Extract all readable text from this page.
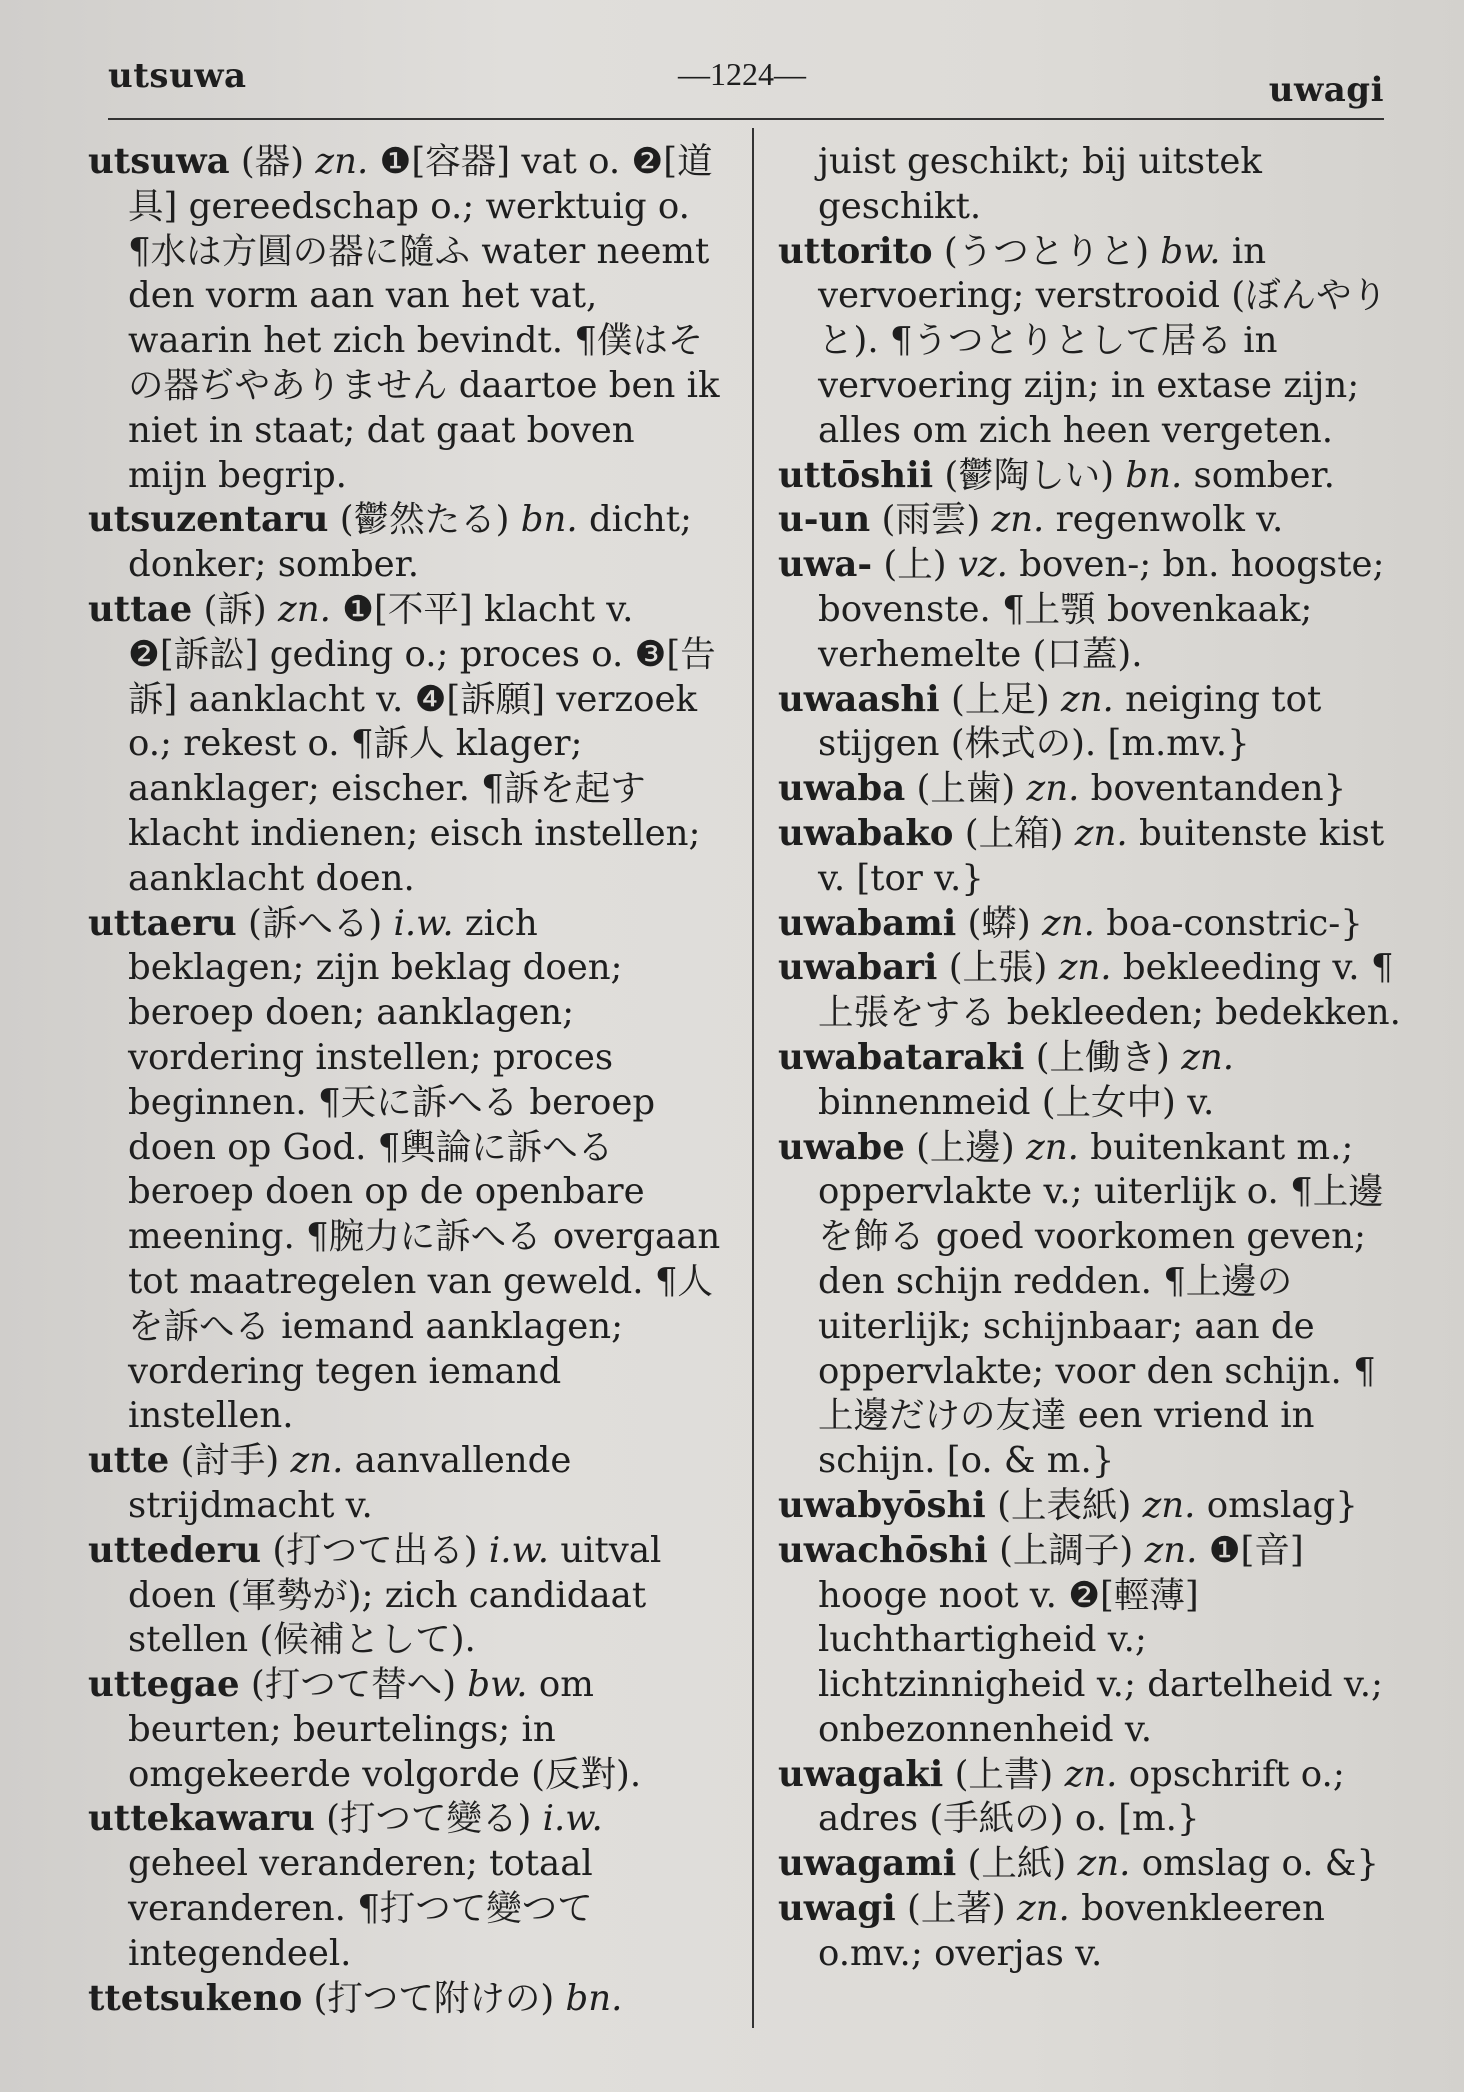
utsuwa	—1224—	uwagi
utsuwa (器) zn. ❶[容器] vat o. ❷[道具] gereedschap o.; werktuig o. ¶水は方圓の器に隨ふ water neemt den vorm aan van het vat, waarin het zich bevindt. ¶僕はその器ぢやありません daartoe ben ik niet in staat; dat gaat boven mijn begrip.
utsuzentaru (鬱然たる) bn. dicht; donker; somber.
uttae (訴) zn. ❶[不平] klacht v. ❷[訴訟] geding o.; proces o. ❸[告訴] aanklacht v. ❹[訴願] verzoek o.; rekest o. ¶訴人 klager; aanklager; eischer. ¶訴を起す klacht indienen; eisch instellen; aanklacht doen.
uttaeru (訴へる) i.w. zich beklagen; zijn beklag doen; beroep doen; aanklagen; vordering instellen; proces beginnen. ¶天に訴へる beroep doen op God. ¶輿論に訴へる beroep doen op de openbare meening. ¶腕力に訴へる overgaan tot maatregelen van geweld. ¶人を訴へる iemand aanklagen; vordering tegen iemand instellen.
utte (討手) zn. aanvallende strijdmacht v.
uttederu (打つて出る) i.w. uitval doen (軍勢が); zich candidaat stellen (候補として).
uttegae (打つて替へ) bw. om beurten; beurtelings; in omgekeerde volgorde (反對).
uttekawaru (打つて變る) i.w. geheel veranderen; totaal veranderen. ¶打つて變つて integendeel.
ttetsukeno (打つて附けの) bn.
juist geschikt; bij uitstek geschikt.
uttorito (うつとりと) bw. in vervoering; verstrooid (ぼんやりと). ¶うつとりとして居る in vervoering zijn; in extase zijn; alles om zich heen vergeten.
uttōshii (鬱陶しい) bn. somber.
u-un (雨雲) zn. regenwolk v.
uwa- (上) vz. boven-; bn. hoogste; bovenste. ¶上顎 bovenkaak; verhemelte (口蓋).
uwaashi (上足) zn. neiging tot stijgen (株式の). [m.mv.}
uwaba (上歯) zn. boventanden}
uwabako (上箱) zn. buitenste kist v. [tor v.}
uwabami (蟒) zn. boa-constric-}
uwabari (上張) zn. bekleeding v. ¶上張をする bekleeden; bedekken.
uwabataraki (上働き) zn. binnenmeid (上女中) v.
uwabe (上邊) zn. buitenkant m.; oppervlakte v.; uiterlijk o. ¶上邊を飾る goed voorkomen geven; den schijn redden. ¶上邊の uiterlijk; schijnbaar; aan de oppervlakte; voor den schijn. ¶上邊だけの友達 een vriend in schijn. [o. & m.}
uwabyōshi (上表紙) zn. omslag}
uwachōshi (上調子) zn. ❶[音] hooge noot v. ❷[輕薄] luchthartigheid v.; lichtzinnigheid v.; dartelheid v.; onbezonnenheid v.
uwagaki (上書) zn. opschrift o.; adres (手紙の) o. [m.}
uwagami (上紙) zn. omslag o. &}
uwagi (上著) zn. bovenkleeren o.mv.; overjas v.
